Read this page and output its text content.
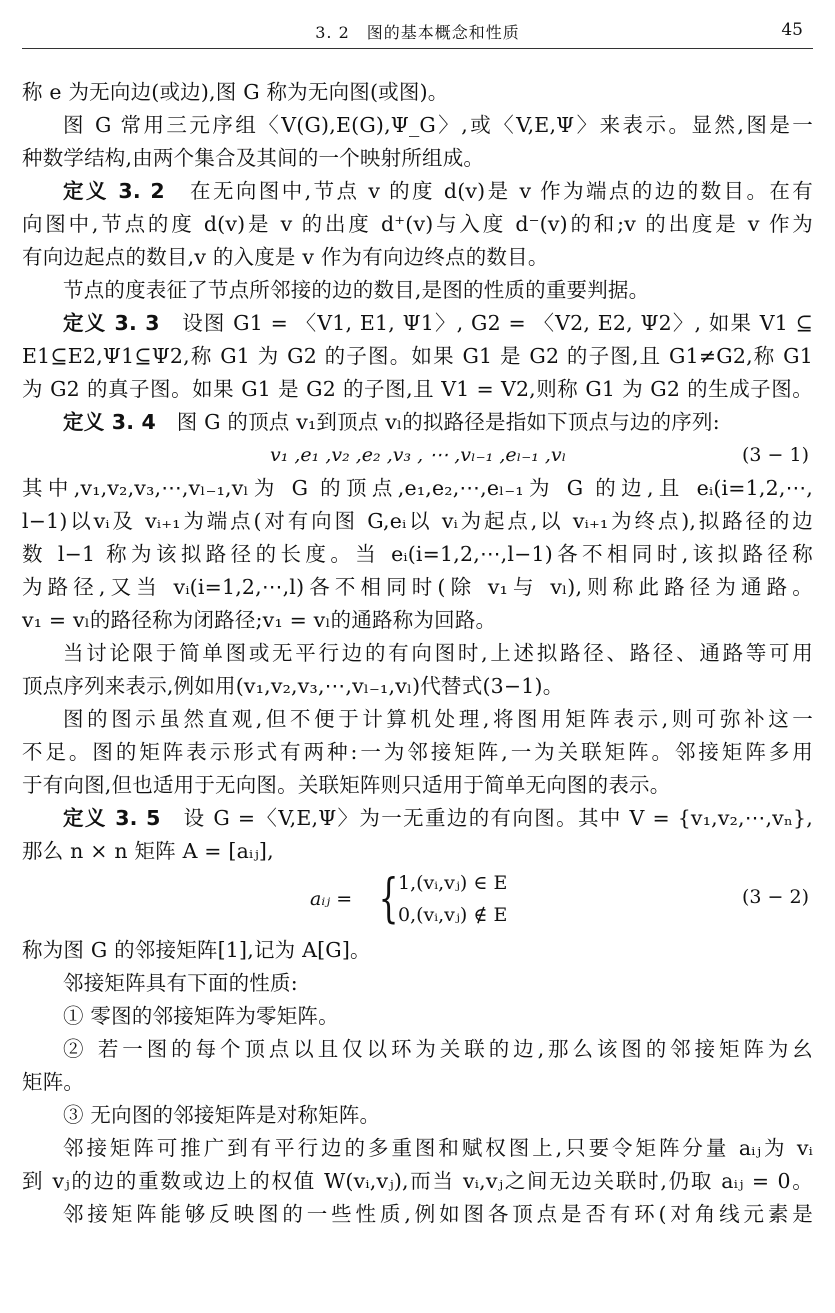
3. 2　图的基本概念和性质	45
称 e 为无向边(或边),图 G 称为无向图(或图)。
图 G 常用三元序组〈V(G),E(G),Ψ_G〉,或〈V,E,Ψ〉来表示。显然,图是一
种数学结构,由两个集合及其间的一个映射所组成。
定义 3. 2　 在无向图中,节点 v 的度 d(v)是 v 作为端点的边的数目。在有
向图中,节点的度 d(v)是 v 的出度 d⁺(v)与入度 d⁻(v)的和;v 的出度是 v 作为
有向边起点的数目,v 的入度是 v 作为有向边终点的数目。
节点的度表征了节点所邻接的边的数目,是图的性质的重要判据。
定义 3. 3　 设图 G1 = 〈V1, E1, Ψ1〉, G2 = 〈V2, E2, Ψ2〉, 如果 V1 ⊆
E1⊆E2,Ψ1⊆Ψ2,称 G1 为 G2 的子图。如果 G1 是 G2 的子图,且 G1≠G2,称 G1
为 G2 的真子图。如果 G1 是 G2 的子图,且 V1 = V2,则称 G1 为 G2 的生成子图。
定义 3. 4　 图 G 的顶点 v₁到顶点 vₗ的拟路径是指如下顶点与边的序列:
v₁ ,e₁ ,v₂ ,e₂ ,v₃ , ⋯ ,vₗ₋₁ ,eₗ₋₁ ,vₗ	(3 − 1)
其中,v₁,v₂,v₃,⋯,vₗ₋₁,vₗ为 G 的顶点,e₁,e₂,⋯,eₗ₋₁为 G 的边,且 eᵢ(i=1,2,⋯,
l−1)以vᵢ及 vᵢ₊₁为端点(对有向图 G,eᵢ以 vᵢ为起点,以 vᵢ₊₁为终点),拟路径的边
数 l−1 称为该拟路径的长度。当 eᵢ(i=1,2,⋯,l−1)各不相同时,该拟路径称
为路径,又当 vᵢ(i=1,2,⋯,l)各不相同时(除 v₁与 vₗ),则称此路径为通路。
v₁ = vₗ的路径称为闭路径;v₁ = vₗ的通路称为回路。
当讨论限于简单图或无平行边的有向图时,上述拟路径、路径、通路等可用
顶点序列来表示,例如用(v₁,v₂,v₃,⋯,vₗ₋₁,vₗ)代替式(3−1)。
图的图示虽然直观,但不便于计算机处理,将图用矩阵表示,则可弥补这一
不足。图的矩阵表示形式有两种:一为邻接矩阵,一为关联矩阵。邻接矩阵多用
于有向图,但也适用于无向图。关联矩阵则只适用于简单无向图的表示。
定义 3. 5　 设 G =〈V,E,Ψ〉为一无重边的有向图。其中 V = {v₁,v₂,⋯,vₙ},
那么 n × n 矩阵 A = [aᵢⱼ],
aᵢⱼ = { 1,(vᵢ,vⱼ) ∈ E
0,(vᵢ,vⱼ) ∉ E
(3 − 2)
称为图 G 的邻接矩阵[1],记为 A[G]。
邻接矩阵具有下面的性质:
① 零图的邻接矩阵为零矩阵。
② 若一图的每个顶点以且仅以环为关联的边,那么该图的邻接矩阵为幺
矩阵。
③ 无向图的邻接矩阵是对称矩阵。
邻接矩阵可推广到有平行边的多重图和赋权图上,只要令矩阵分量 aᵢⱼ为 vᵢ
到 vⱼ的边的重数或边上的权值 W(vᵢ,vⱼ),而当 vᵢ,vⱼ之间无边关联时,仍取 aᵢⱼ = 0。
邻接矩阵能够反映图的一些性质,例如图各顶点是否有环(对角线元素是
